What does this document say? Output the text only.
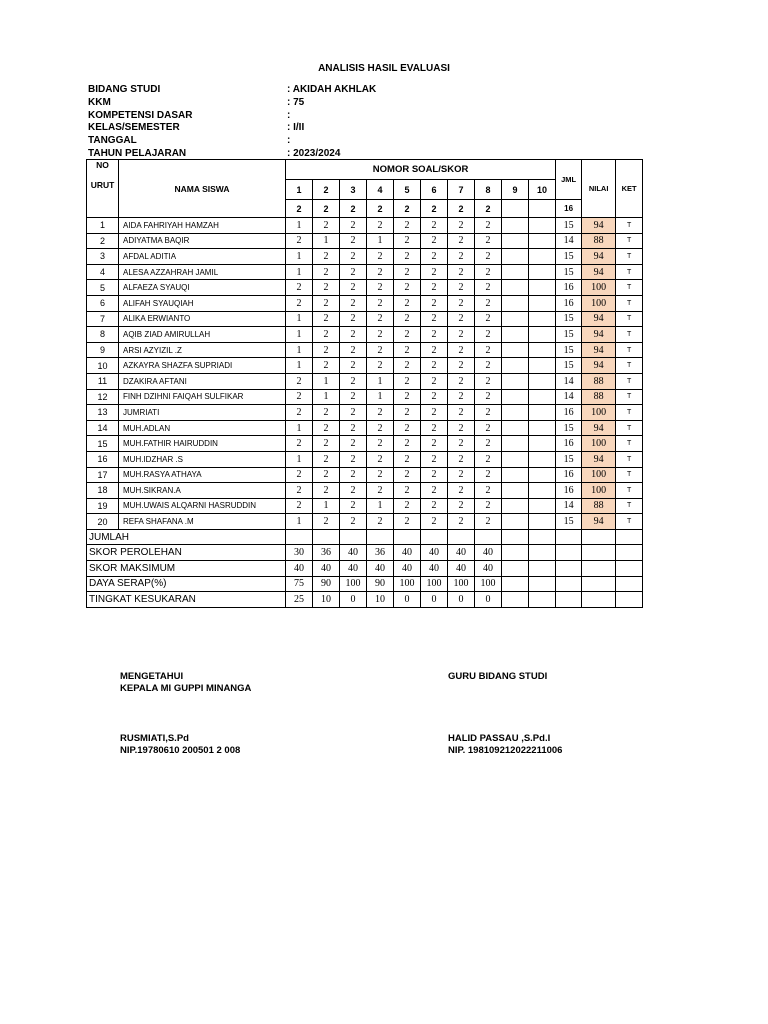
ANALISIS HASIL EVALUASI
BIDANG STUDI	: AKIDAH AKHLAK
KKM	: 75
KOMPETENSI DASAR	:
KELAS/SEMESTER	: I/II
TANGGAL	:
TAHUN PELAJARAN	: 2023/2024
NO	NAMA SISWA	NOMOR SOAL/SKOR										JML	NILAI	KET
URUT		1	2	3	4	5	6	7	8	9	10			
		2	2	2	2	2	2	2	2			16		
1	AIDA FAHRIYAH HAMZAH	1	2	2	2	2	2	2	2			15	94	T
2	ADIYATMA BAQIR	2	1	2	1	2	2	2	2			14	88	T
3	AFDAL ADITIA	1	2	2	2	2	2	2	2			15	94	T
4	ALESA AZZAHRAH JAMIL	1	2	2	2	2	2	2	2			15	94	T
5	ALFAEZA SYAUQI	2	2	2	2	2	2	2	2			16	100	T
6	ALIFAH SYAUQIAH	2	2	2	2	2	2	2	2			16	100	T
7	ALIKA ERWIANTO	1	2	2	2	2	2	2	2			15	94	T
8	AQIB ZIAD AMIRULLAH	1	2	2	2	2	2	2	2			15	94	T
9	ARSI AZYIZIL .Z	1	2	2	2	2	2	2	2			15	94	T
10	AZKAYRA SHAZFA SUPRIADI	1	2	2	2	2	2	2	2			15	94	T
11	DZAKIRA AFTANI	2	1	2	1	2	2	2	2			14	88	T
12	FINH DZIHNI FAIQAH SULFIKAR	2	1	2	1	2	2	2	2			14	88	T
13	JUMRIATI	2	2	2	2	2	2	2	2			16	100	T
14	MUH.ADLAN	1	2	2	2	2	2	2	2			15	94	T
15	MUH.FATHIR HAIRUDDIN	2	2	2	2	2	2	2	2			16	100	T
16	MUH.IDZHAR .S	1	2	2	2	2	2	2	2			15	94	T
17	MUH.RASYA ATHAYA	2	2	2	2	2	2	2	2			16	100	T
18	MUH.SIKRAN.A	2	2	2	2	2	2	2	2			16	100	T
19	MUH.UWAIS ALQARNI HASRUDDIN	2	1	2	1	2	2	2	2			14	88	T
20	REFA SHAFANA .M	1	2	2	2	2	2	2	2			15	94	T
JUMLAH														
SKOR PEROLEHAN		30	36	40	36	40	40	40	40					
SKOR MAKSIMUM		40	40	40	40	40	40	40	40					
DAYA SERAP(%)		75	90	100	90	100	100	100	100					
TINGKAT KESUKARAN		25	10	0	10	0	0	0	0					
MENGETAHUI
KEPALA MI GUPPI MINANGA
RUSMIATI,S.Pd
NIP.19780610 200501 2 008
GURU BIDANG STUDI
HALID PASSAU ,S.Pd.I
NIP. 198109212022211006
